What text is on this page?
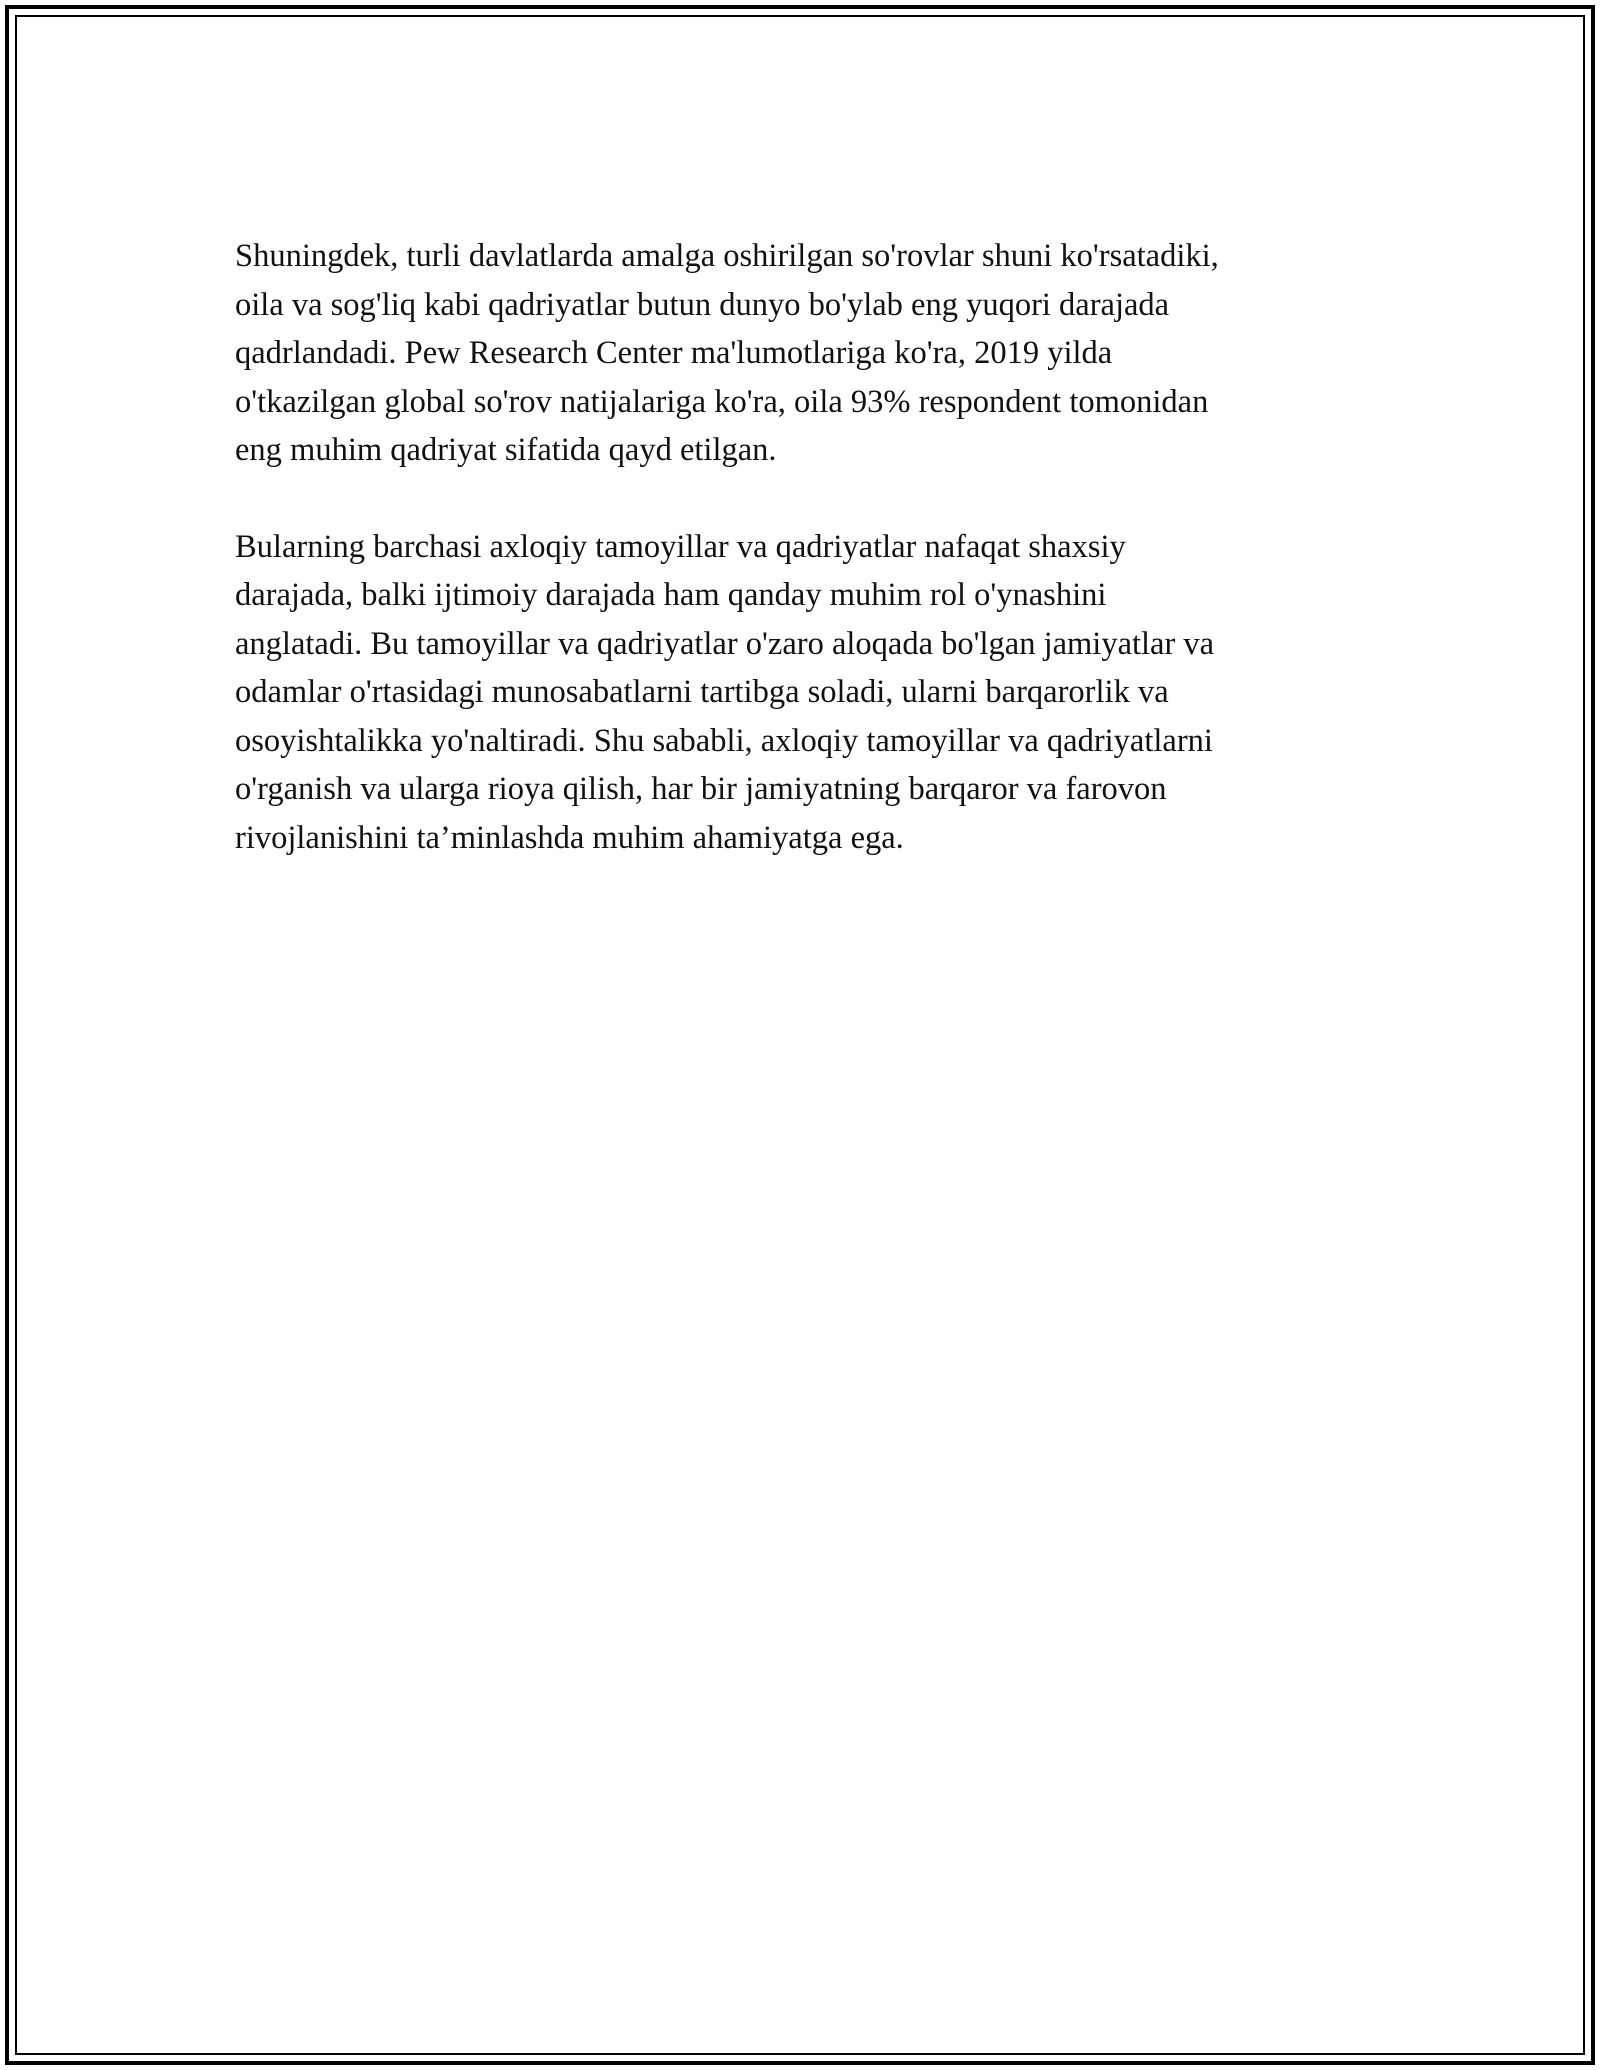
Shuningdek, turli davlatlarda amalga oshirilgan so'rovlar shuni ko'rsatadiki,
oila va sog'liq kabi qadriyatlar butun dunyo bo'ylab eng yuqori darajada
qadrlandadi. Pew Research Center ma'lumotlariga ko'ra, 2019 yilda
o'tkazilgan global so'rov natijalariga ko'ra, oila 93% respondent tomonidan
eng muhim qadriyat sifatida qayd etilgan.

Bularning barchasi axloqiy tamoyillar va qadriyatlar nafaqat shaxsiy
darajada, balki ijtimoiy darajada ham qanday muhim rol o'ynashini
anglatadi. Bu tamoyillar va qadriyatlar o'zaro aloqada bo'lgan jamiyatlar va
odamlar o'rtasidagi munosabatlarni tartibga soladi, ularni barqarorlik va
osoyishtalikka yo'naltiradi. Shu sababli, axloqiy tamoyillar va qadriyatlarni
o'rganish va ularga rioya qilish, har bir jamiyatning barqaror va farovon
rivojlanishini ta’minlashda muhim ahamiyatga ega.
